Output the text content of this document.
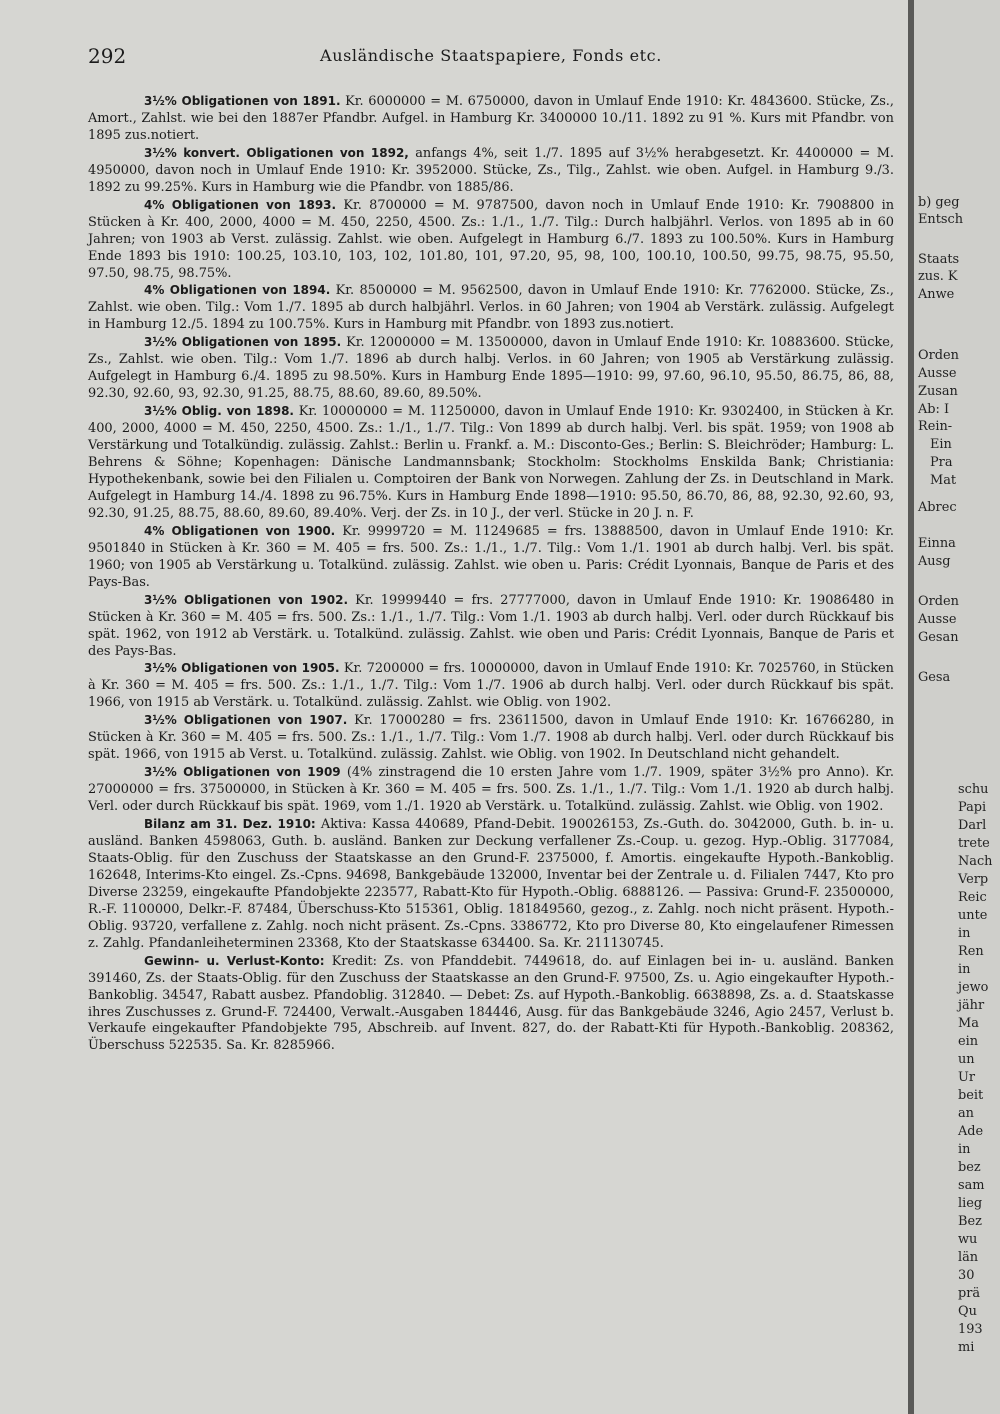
292	Ausländische Staatspapiere, Fonds etc.

3½% Obligationen von 1891. Kr. 6000000 = M. 6750000, davon in Umlauf Ende 1910: Kr. 4843600. Stücke, Zs., Amort., Zahlst. wie bei den 1887er Pfandbr. Aufgel. in Hamburg Kr. 3400000 10./11. 1892 zu 91 %. Kurs mit Pfandbr. von 1895 zus.notiert.

3½% konvert. Obligationen von 1892, anfangs 4%, seit 1./7. 1895 auf 3½% herabgesetzt. Kr. 4400000 = M. 4950000, davon noch in Umlauf Ende 1910: Kr. 3952000. Stücke, Zs., Tilg., Zahlst. wie oben. Aufgel. in Hamburg 9./3. 1892 zu 99.25%. Kurs in Hamburg wie die Pfandbr. von 1885/86.

4% Obligationen von 1893. Kr. 8700000 = M. 9787500, davon noch in Umlauf Ende 1910: Kr. 7908800 in Stücken à Kr. 400, 2000, 4000 = M. 450, 2250, 4500. Zs.: 1./1., 1./7. Tilg.: Durch halbjährl. Verlos. von 1895 ab in 60 Jahren; von 1903 ab Verst. zulässig. Zahlst. wie oben. Aufgelegt in Hamburg 6./7. 1893 zu 100.50%. Kurs in Hamburg Ende 1893 bis 1910: 100.25, 103.10, 103, 102, 101.80, 101, 97.20, 95, 98, 100, 100.10, 100.50, 99.75, 98.75, 95.50, 97.50, 98.75, 98.75%.

4% Obligationen von 1894. Kr. 8500000 = M. 9562500, davon in Umlauf Ende 1910: Kr. 7762000. Stücke, Zs., Zahlst. wie oben. Tilg.: Vom 1./7. 1895 ab durch halbjährl. Verlos. in 60 Jahren; von 1904 ab Verstärk. zulässig. Aufgelegt in Hamburg 12./5. 1894 zu 100.75%. Kurs in Hamburg mit Pfandbr. von 1893 zus.notiert.

3½% Obligationen von 1895. Kr. 12000000 = M. 13500000, davon in Umlauf Ende 1910: Kr. 10883600. Stücke, Zs., Zahlst. wie oben. Tilg.: Vom 1./7. 1896 ab durch halbj. Verlos. in 60 Jahren; von 1905 ab Verstärkung zulässig. Aufgelegt in Hamburg 6./4. 1895 zu 98.50%. Kurs in Hamburg Ende 1895—1910: 99, 97.60, 96.10, 95.50, 86.75, 86, 88, 92.30, 92.60, 93, 92.30, 91.25, 88.75, 88.60, 89.60, 89.50%.

3½% Oblig. von 1898. Kr. 10000000 = M. 11250000, davon in Umlauf Ende 1910: Kr. 9302400, in Stücken à Kr. 400, 2000, 4000 = M. 450, 2250, 4500. Zs.: 1./1., 1./7. Tilg.: Von 1899 ab durch halbj. Verl. bis spät. 1959; von 1908 ab Verstärkung und Totalkündig. zulässig. Zahlst.: Berlin u. Frankf. a. M.: Disconto-Ges.; Berlin: S. Bleichröder; Hamburg: L. Behrens & Söhne; Kopenhagen: Dänische Landmannsbank; Stockholm: Stockholms Enskilda Bank; Christiania: Hypothekenbank, sowie bei den Filialen u. Comptoiren der Bank von Norwegen. Zahlung der Zs. in Deutschland in Mark. Aufgelegt in Hamburg 14./4. 1898 zu 96.75%. Kurs in Hamburg Ende 1898—1910: 95.50, 86.70, 86, 88, 92.30, 92.60, 93, 92.30, 91.25, 88.75, 88.60, 89.60, 89.40%. Verj. der Zs. in 10 J., der verl. Stücke in 20 J. n. F.

4% Obligationen von 1900. Kr. 9999720 = M. 11249685 = frs. 13888500, davon in Umlauf Ende 1910: Kr. 9501840 in Stücken à Kr. 360 = M. 405 = frs. 500. Zs.: 1./1., 1./7. Tilg.: Vom 1./1. 1901 ab durch halbj. Verl. bis spät. 1960; von 1905 ab Verstärkung u. Totalkünd. zulässig. Zahlst. wie oben u. Paris: Crédit Lyonnais, Banque de Paris et des Pays-Bas.

3½% Obligationen von 1902. Kr. 19999440 = frs. 27777000, davon in Umlauf Ende 1910: Kr. 19086480 in Stücken à Kr. 360 = M. 405 = frs. 500. Zs.: 1./1., 1./7. Tilg.: Vom 1./1. 1903 ab durch halbj. Verl. oder durch Rückkauf bis spät. 1962, von 1912 ab Verstärk. u. Totalkünd. zulässig. Zahlst. wie oben und Paris: Crédit Lyonnais, Banque de Paris et des Pays-Bas.

3½% Obligationen von 1905. Kr. 7200000 = frs. 10000000, davon in Umlauf Ende 1910: Kr. 7025760, in Stücken à Kr. 360 = M. 405 = frs. 500. Zs.: 1./1., 1./7. Tilg.: Vom 1./7. 1906 ab durch halbj. Verl. oder durch Rückkauf bis spät. 1966, von 1915 ab Verstärk. u. Totalkünd. zulässig. Zahlst. wie Oblig. von 1902.

3½% Obligationen von 1907. Kr. 17000280 = frs. 23611500, davon in Umlauf Ende 1910: Kr. 16766280, in Stücken à Kr. 360 = M. 405 = frs. 500. Zs.: 1./1., 1./7. Tilg.: Vom 1./7. 1908 ab durch halbj. Verl. oder durch Rückkauf bis spät. 1966, von 1915 ab Verst. u. Totalkünd. zulässig. Zahlst. wie Oblig. von 1902. In Deutschland nicht gehandelt.

3½% Obligationen von 1909 (4% zinstragend die 10 ersten Jahre vom 1./7. 1909, später 3½% pro Anno). Kr. 27000000 = frs. 37500000, in Stücken à Kr. 360 = M. 405 = frs. 500. Zs. 1./1., 1./7. Tilg.: Vom 1./1. 1920 ab durch halbj. Verl. oder durch Rückkauf bis spät. 1969, vom 1./1. 1920 ab Verstärk. u. Totalkünd. zulässig. Zahlst. wie Oblig. von 1902.

Bilanz am 31. Dez. 1910: Aktiva: Kassa 440689, Pfand-Debit. 190026153, Zs.-Guth. do. 3042000, Guth. b. in- u. ausländ. Banken 4598063, Guth. b. ausländ. Banken zur Deckung verfallener Zs.-Coup. u. gezog. Hyp.-Oblig. 3177084, Staats-Oblig. für den Zuschuss der Staatskasse an den Grund-F. 2375000, f. Amortis. eingekaufte Hypoth.-Bankoblig. 162648, Interims-Kto eingel. Zs.-Cpns. 94698, Bankgebäude 132000, Inventar bei der Zentrale u. d. Filialen 7447, Kto pro Diverse 23259, eingekaufte Pfandobjekte 223577, Rabatt-Kto für Hypoth.-Oblig. 6888126. — Passiva: Grund-F. 23500000, R.-F. 1100000, Delkr.-F. 87484, Überschuss-Kto 515361, Oblig. 181849560, gezog., z. Zahlg. noch nicht präsent. Hypoth.-Oblig. 93720, verfallene z. Zahlg. noch nicht präsent. Zs.-Cpns. 3386772, Kto pro Diverse 80, Kto eingelaufener Rimessen z. Zahlg. Pfandanleiheterminen 23368, Kto der Staatskasse 634400. Sa. Kr. 211130745.

Gewinn- u. Verlust-Konto: Kredit: Zs. von Pfanddebit. 7449618, do. auf Einlagen bei in- u. ausländ. Banken 391460, Zs. der Staats-Oblig. für den Zuschuss der Staatskasse an den Grund-F. 97500, Zs. u. Agio eingekaufter Hypoth.-Bankoblig. 34547, Rabatt ausbez. Pfandoblig. 312840. — Debet: Zs. auf Hypoth.-Bankoblig. 6638898, Zs. a. d. Staatskasse ihres Zuschusses z. Grund-F. 724400, Verwalt.-Ausgaben 184446, Ausg. für das Bankgebäude 3246, Agio 2457, Verlust b. Verkaufe eingekaufter Pfandobjekte 795, Abschreib. auf Invent. 827, do. der Rabatt-Kti für Hypoth.-Bankoblig. 208362, Überschuss 522535. Sa. Kr. 8285966.

b) geg
Entsch
Staats
zus. K
Anwe
Orden
Ausse
Zusan
Ab: I
Rein-
Ein
Pra
Mat
Abrec
Einna
Ausg
Orden
Ausse
Gesan
Gesa
schu
Papi
Darl
trete
Nach
Verp
Reic
unte
in
Ren
in
jewo
jähr
Ma
ein
un
Ur
beit
an
Ade
in
bez
sam
lieg
Bez
wu
län
30
prä
Qu
193
mi
